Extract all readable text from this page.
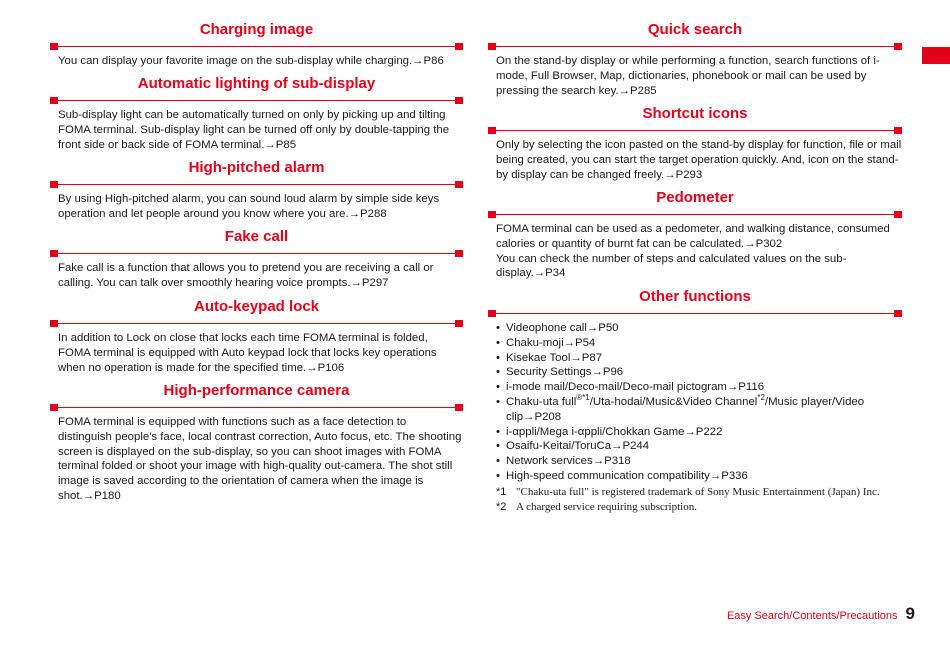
Charging image

You can display your favorite image on the sub-display while charging.→P86

Automatic lighting of sub-display

Sub-display light can be automatically turned on only by picking up and tilting FOMA terminal. Sub-display light can be turned off only by double-tapping the front side or back side of FOMA terminal.→P85

High-pitched alarm

By using High-pitched alarm, you can sound loud alarm by simple side keys operation and let people around you know where you are.→P288

Fake call

Fake call is a function that allows you to pretend you are receiving a call or calling. You can talk over smoothly hearing voice prompts.→P297

Auto-keypad lock

In addition to Lock on close that locks each time FOMA terminal is folded, FOMA terminal is equipped with Auto keypad lock that locks key operations when no operation is made for the specified time.→P106

High-performance camera

FOMA terminal is equipped with functions such as a face detection to distinguish people's face, local contrast correction, Auto focus, etc. The shooting screen is displayed on the sub-display, so you can shoot images with FOMA terminal folded or shoot your image with high-quality out-camera. The shot still image is saved according to the orientation of camera when the image is shot.→P180

Quick search

On the stand-by display or while performing a function, search functions of i-mode, Full Browser, Map, dictionaries, phonebook or mail can be used by pressing the search key.→P285

Shortcut icons

Only by selecting the icon pasted on the stand-by display for function, file or mail being created, you can start the target operation quickly. And, icon on the stand-by display can be changed freely.→P293

Pedometer

FOMA terminal can be used as a pedometer, and walking distance, consumed calories or quantity of burnt fat can be calculated.→P302

You can check the number of steps and calculated values on the sub-display.→P34

Other functions
• Videophone call→P50
• Chaku-moji→P54
• Kisekae Tool→P87
• Security Settings→P96
• i-mode mail/Deco-mail/Deco-mail pictogram→P116
• Chaku-uta full$^{®*1}$/Uta-hodai/Music&Video Channel$^{*2}$/Music player/Video clip→P208
• i-αppli/Mega i-αppli/Chokkan Game→P222
• Osaifu-Keitai/ToruCa→P244
• Network services→P318
• High-speed communication compatibility→P336
*1 "Chaku-uta full" is registered trademark of Sony Music Entertainment (Japan) Inc.
*2 A charged service requiring subscription.
Easy Search/Contents/Precautions 9
